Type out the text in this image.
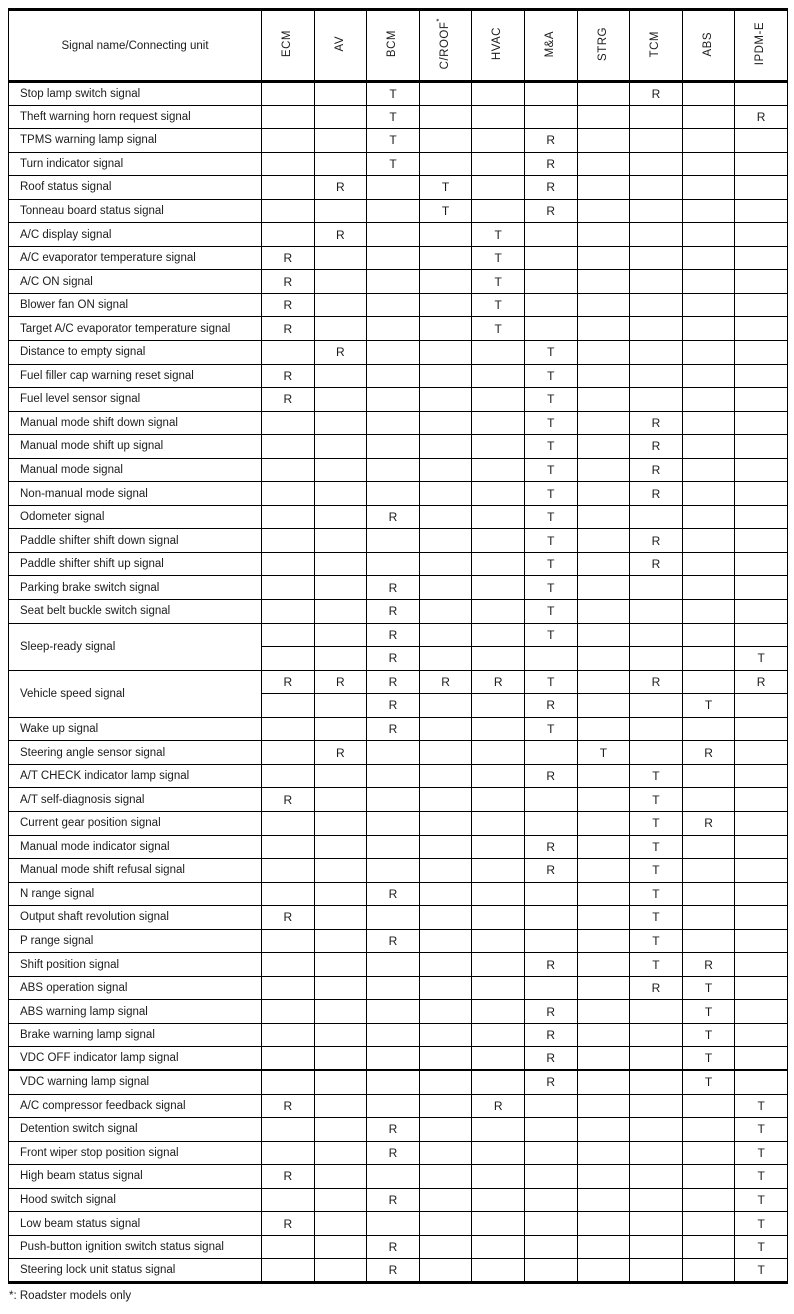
Signal name/Connecting unit	ECM	AV	BCM	C/ROOF*	HVAC	M&A	STRG	TCM	ABS	IPDM-E
Stop lamp switch signal			T					R		
Theft warning horn request signal			T							R
TPMS warning lamp signal			T			R				
Turn indicator signal			T			R				
Roof status signal		R		T		R				
Tonneau board status signal				T		R				
A/C display signal		R			T					
A/C evaporator temperature signal	R				T					
A/C ON signal	R				T					
Blower fan ON signal	R				T					
Target A/C evaporator temperature signal	R				T					
Distance to empty signal		R				T				
Fuel filler cap warning reset signal	R					T				
Fuel level sensor signal	R					T				
Manual mode shift down signal						T		R		
Manual mode shift up signal						T		R		
Manual mode signal						T		R		
Non-manual mode signal						T		R		
Odometer signal			R			T				
Paddle shifter shift down signal						T		R		
Paddle shifter shift up signal						T		R		
Parking brake switch signal			R			T				
Seat belt buckle switch signal			R			T				
Sleep-ready signal			R			T				
			R							T
Vehicle speed signal	R	R	R	R	R	T		R		R
			R			R			T	
Wake up signal			R			T				
Steering angle sensor signal		R					T		R	
A/T CHECK indicator lamp signal						R		T		
A/T self-diagnosis signal	R							T		
Current gear position signal								T	R	
Manual mode indicator signal						R		T		
Manual mode shift refusal signal						R		T		
N range signal			R					T		
Output shaft revolution signal	R							T		
P range signal			R					T		
Shift position signal						R		T	R	
ABS operation signal								R	T	
ABS warning lamp signal						R			T	
Brake warning lamp signal						R			T	
VDC OFF indicator lamp signal						R			T	
VDC warning lamp signal						R			T	
A/C compressor feedback signal	R				R					T
Detention switch signal			R							T
Front wiper stop position signal			R							T
High beam status signal	R									T
Hood switch signal			R							T
Low beam status signal	R									T
Push-button ignition switch status signal			R							T
Steering lock unit status signal			R							T
*: Roadster models only
